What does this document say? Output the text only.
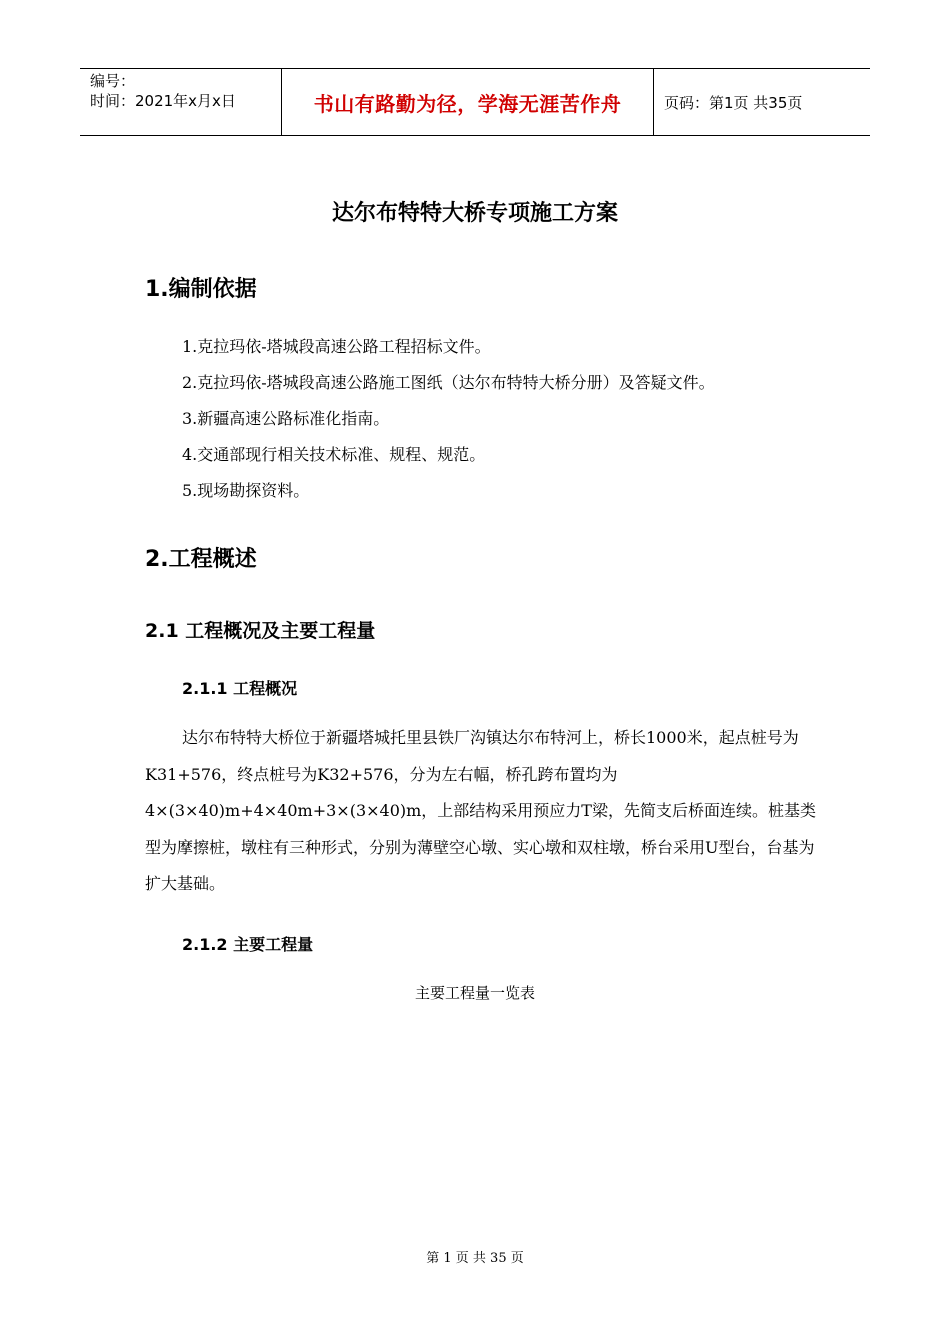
编号：
时间：2021年x月x日	书山有路勤为径，学海无涯苦作舟	页码：第1页 共35页
达尔布特特大桥专项施工方案
1.编制依据
1.克拉玛依-塔城段高速公路工程招标文件。
2.克拉玛依-塔城段高速公路施工图纸（达尔布特特大桥分册）及答疑文件。
3.新疆高速公路标准化指南。
4.交通部现行相关技术标准、规程、规范。
5.现场勘探资料。
2.工程概述
2.1 工程概况及主要工程量
2.1.1 工程概况

达尔布特特大桥位于新疆塔城托里县铁厂沟镇达尔布特河上，桥长1000米，起点桩号为K31+576，终点桩号为K32+576，分为左右幅，桥孔跨布置均为4×(3×40)m+4×40m+3×(3×40)m，上部结构采用预应力T梁，先简支后桥面连续。桩基类型为摩擦桩，墩柱有三种形式，分别为薄壁空心墩、实心墩和双柱墩，桥台采用U型台，台基为扩大基础。

2.1.2 主要工程量
主要工程量一览表
第 1 页 共 35 页
